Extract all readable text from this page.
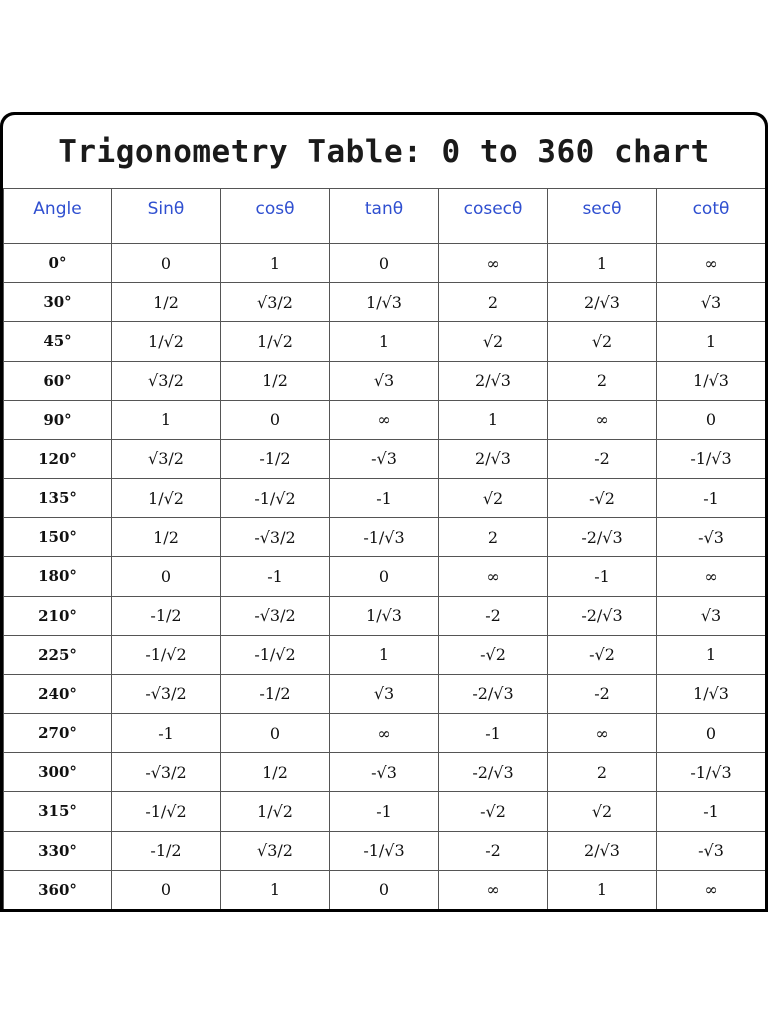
Trigonometry Table: 0 to 360 chart
Angle	Sinθ	cosθ	tanθ	cosecθ	secθ	cotθ
0°	0	1	0	∞	1	∞
30°	1/2	√3/2	1/√3	2	2/√3	√3
45°	1/√2	1/√2	1	√2	√2	1
60°	√3/2	1/2	√3	2/√3	2	1/√3
90°	1	0	∞	1	∞	0
120°	√3/2	-1/2	-√3	2/√3	-2	-1/√3
135°	1/√2	-1/√2	-1	√2	-√2	-1
150°	1/2	-√3/2	-1/√3	2	-2/√3	-√3
180°	0	-1	0	∞	-1	∞
210°	-1/2	-√3/2	1/√3	-2	-2/√3	√3
225°	-1/√2	-1/√2	1	-√2	-√2	1
240°	-√3/2	-1/2	√3	-2/√3	-2	1/√3
270°	-1	0	∞	-1	∞	0
300°	-√3/2	1/2	-√3	-2/√3	2	-1/√3
315°	-1/√2	1/√2	-1	-√2	√2	-1
330°	-1/2	√3/2	-1/√3	-2	2/√3	-√3
360°	0	1	0	∞	1	∞
